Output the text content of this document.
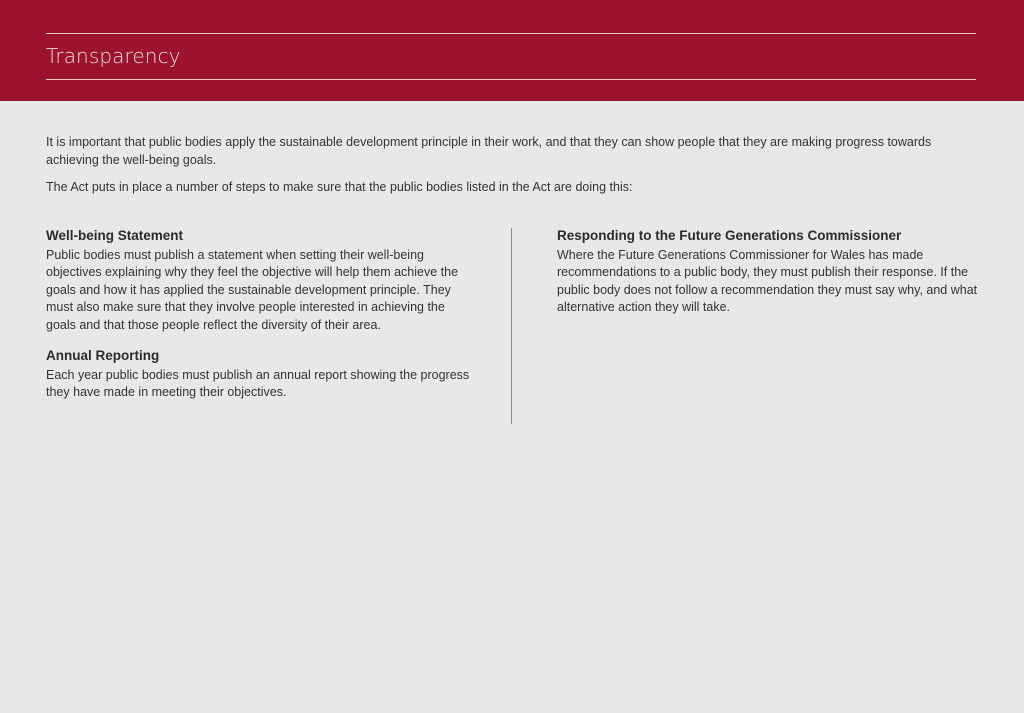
Transparency

It is important that public bodies apply the sustainable development principle in their work, and that they can show people that they are making progress towards achieving the well-being goals.

The Act puts in place a number of steps to make sure that the public bodies listed in the Act are doing this:

Well-being Statement

Public bodies must publish a statement when setting their well-being objectives explaining why they feel the objective will help them achieve the goals and how it has applied the sustainable development principle. They must also make sure that they involve people interested in achieving the goals and that those people reflect the diversity of their area.

Annual Reporting

Each year public bodies must publish an annual report showing the progress they have made in meeting their objectives.

Responding to the Future Generations Commissioner

Where the Future Generations Commissioner for Wales has made recommendations to a public body, they must publish their response. If the public body does not follow a recommendation they must say why, and what alternative action they will take.
